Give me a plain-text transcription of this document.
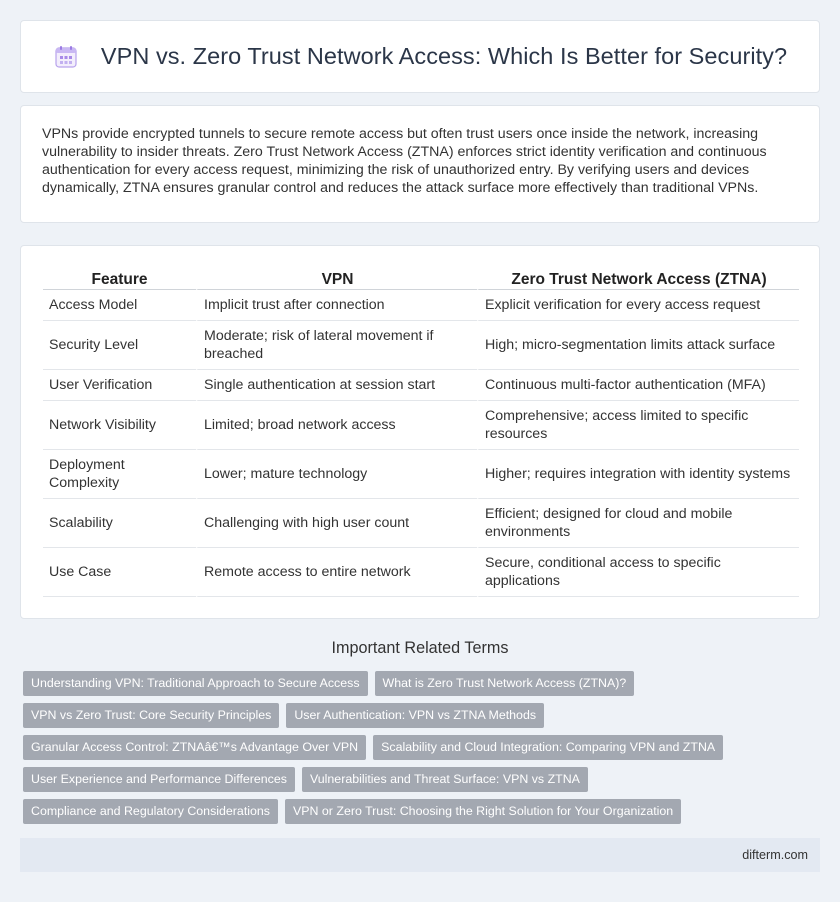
VPN vs. Zero Trust Network Access: Which Is Better for Security?

VPNs provide encrypted tunnels to secure remote access but often trust users once inside the network, increasing vulnerability to insider threats. Zero Trust Network Access (ZTNA) enforces strict identity verification and continuous authentication for every access request, minimizing the risk of unauthorized entry. By verifying users and devices dynamically, ZTNA ensures granular control and reduces the attack surface more effectively than traditional VPNs.

Feature	VPN	Zero Trust Network Access (ZTNA)
Access Model	Implicit trust after connection	Explicit verification for every access request
Security Level	Moderate; risk of lateral movement if breached	High; micro-segmentation limits attack surface
User Verification	Single authentication at session start	Continuous multi-factor authentication (MFA)
Network Visibility	Limited; broad network access	Comprehensive; access limited to specific resources
Deployment Complexity	Lower; mature technology	Higher; requires integration with identity systems
Scalability	Challenging with high user count	Efficient; designed for cloud and mobile environments
Use Case	Remote access to entire network	Secure, conditional access to specific applications
Important Related Terms
Understanding VPN: Traditional Approach to Secure Access	What is Zero Trust Network Access (ZTNA)?
VPN vs Zero Trust: Core Security Principles	User Authentication: VPN vs ZTNA Methods
Granular Access Control: ZTNAâ€™s Advantage Over VPN	Scalability and Cloud Integration: Comparing VPN and ZTNA
User Experience and Performance Differences	Vulnerabilities and Threat Surface: VPN vs ZTNA
Compliance and Regulatory Considerations	VPN or Zero Trust: Choosing the Right Solution for Your Organization
difterm.com
